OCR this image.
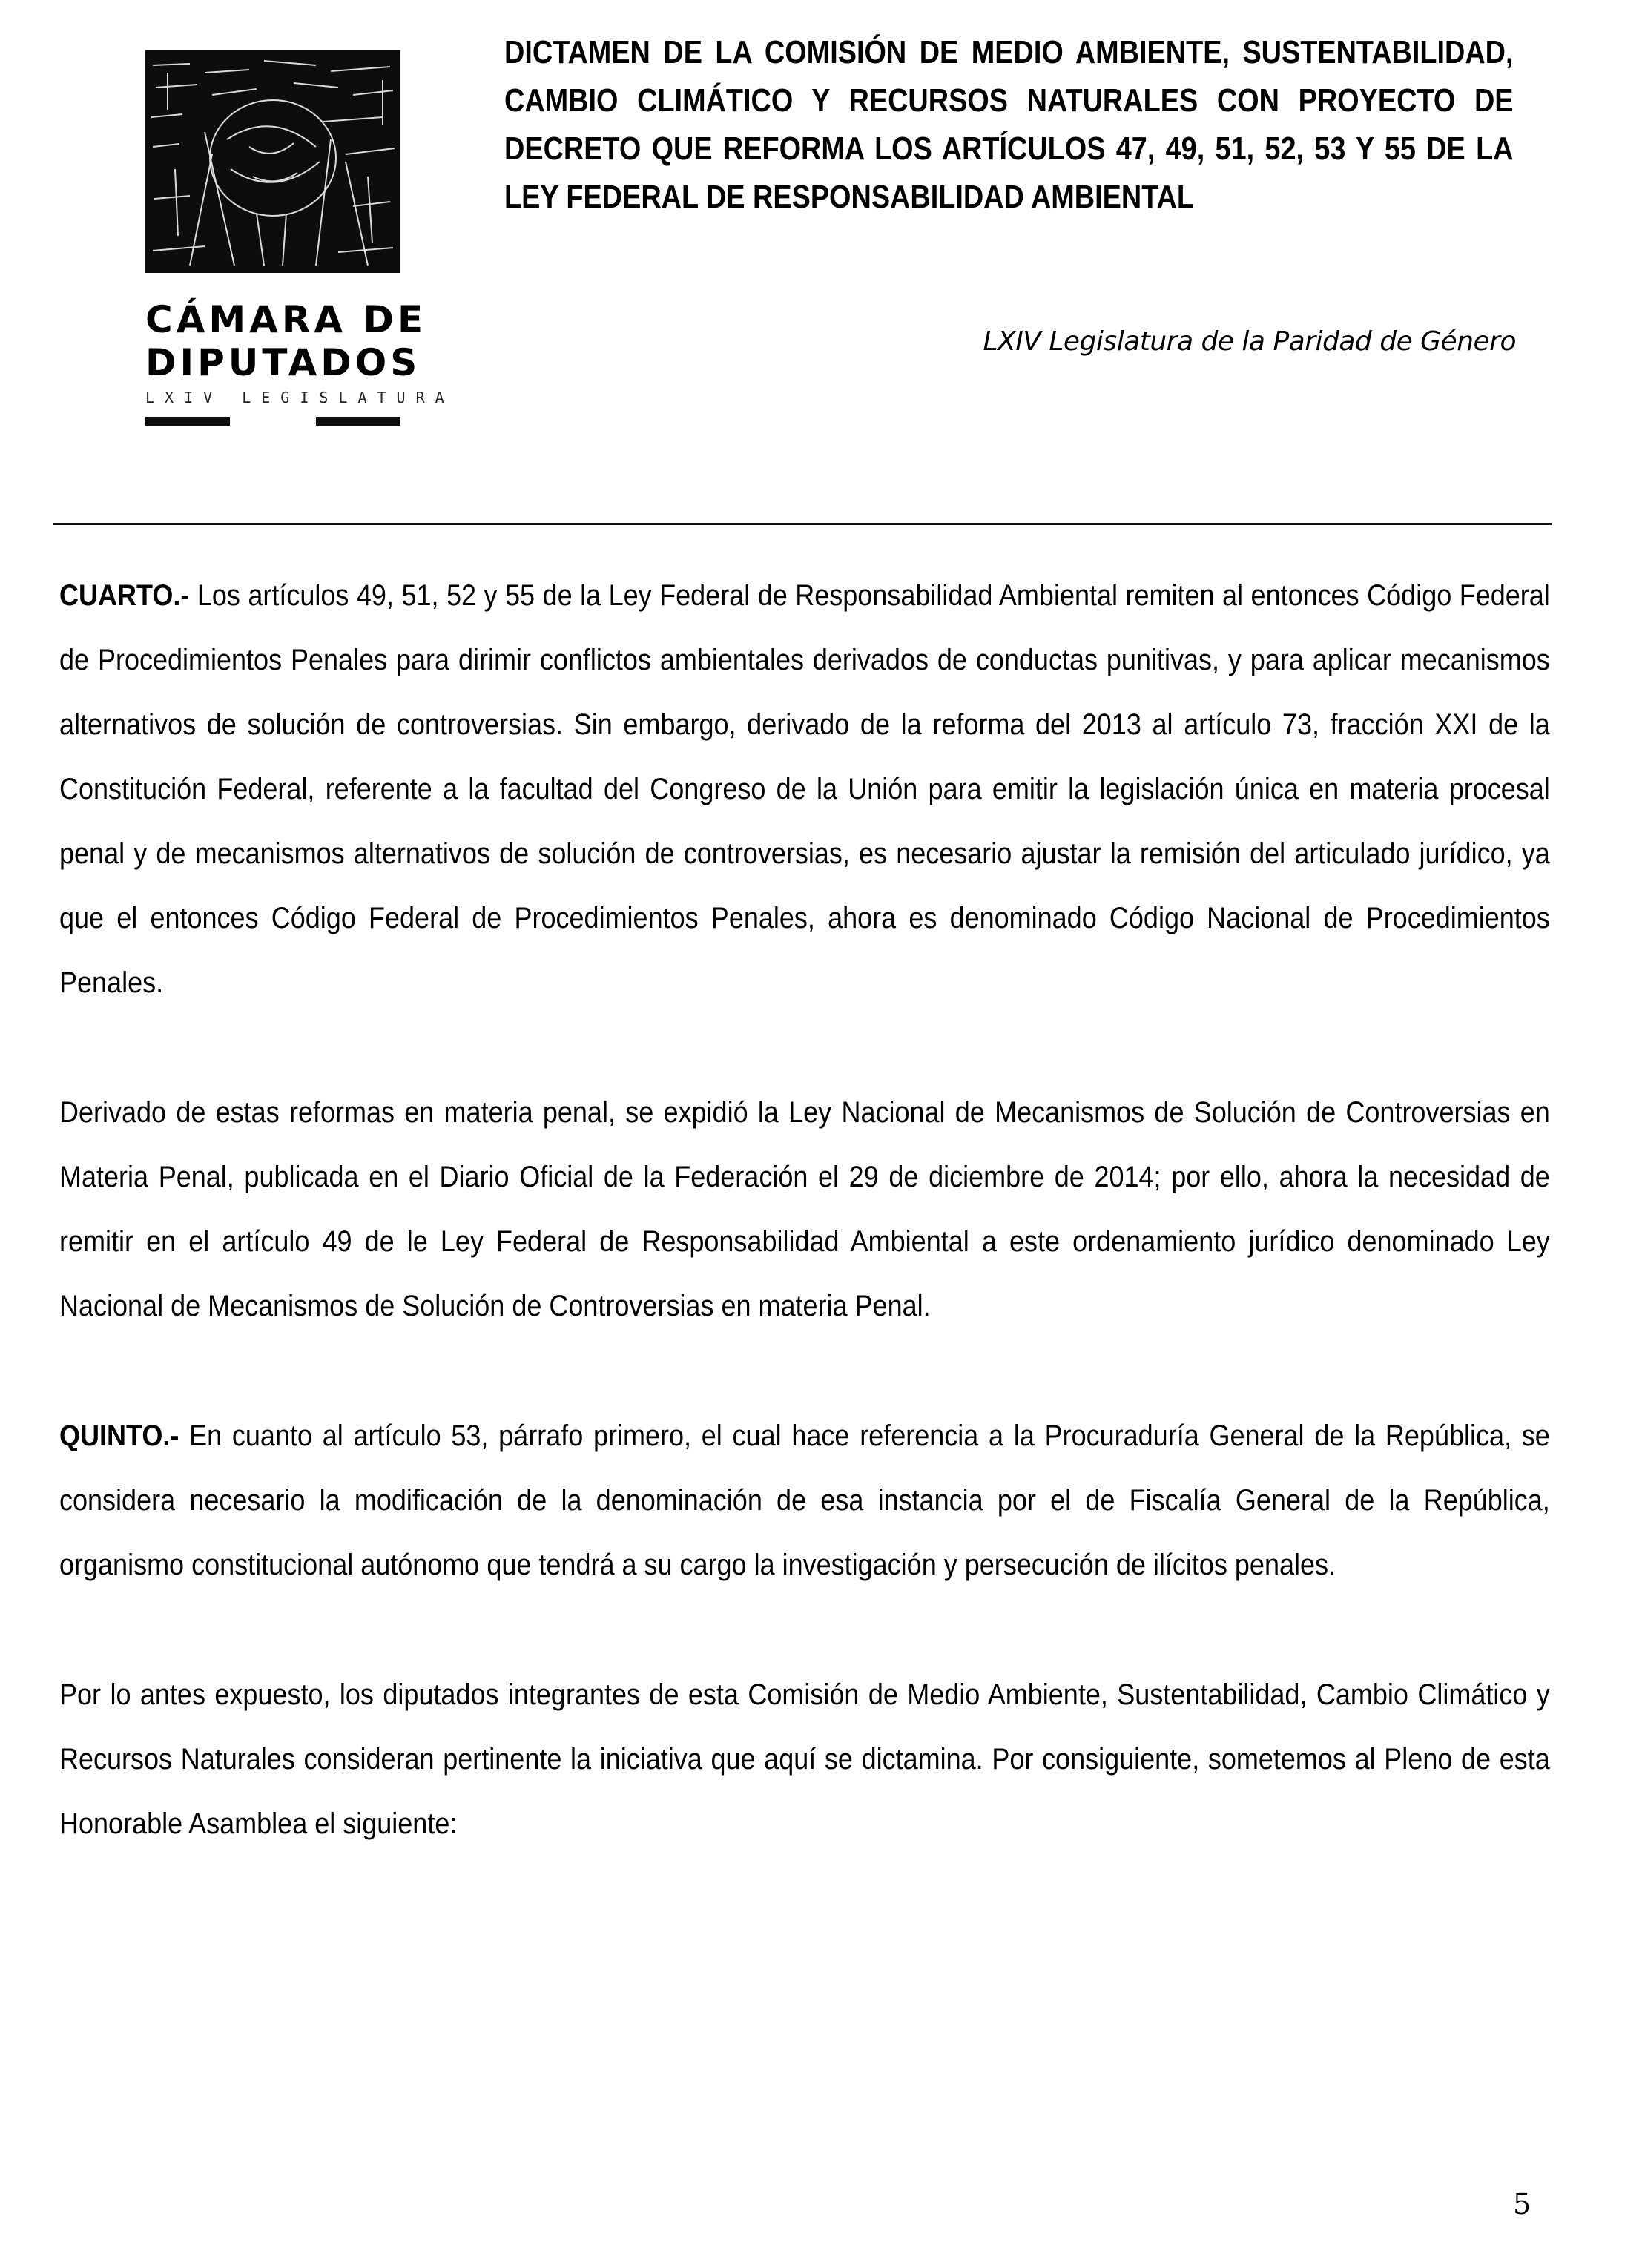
CÁMARA DE
DIPUTADOS
LXIV LEGISLATURA
DICTAMEN DE LA COMISIÓN DE MEDIO AMBIENTE, SUSTENTABILIDAD, CAMBIO CLIMÁTICO Y RECURSOS NATURALES CON PROYECTO DE DECRETO QUE REFORMA LOS ARTÍCULOS 47, 49, 51, 52, 53 Y 55 DE LA LEY FEDERAL DE RESPONSABILIDAD AMBIENTAL
LXIV Legislatura de la Paridad de Género

CUARTO.- Los artículos 49, 51, 52 y 55 de la Ley Federal de Responsabilidad Ambiental remiten al entonces Código Federal de Procedimientos Penales para dirimir conflictos ambientales derivados de conductas punitivas, y para aplicar mecanismos alternativos de solución de controversias. Sin embargo, derivado de la reforma del 2013 al artículo 73, fracción XXI de la Constitución Federal, referente a la facultad del Congreso de la Unión para emitir la legislación única en materia procesal penal y de mecanismos alternativos de solución de controversias, es necesario ajustar la remisión del articulado jurídico, ya que el entonces Código Federal de Procedimientos Penales, ahora es denominado Código Nacional de Procedimientos Penales.

Derivado de estas reformas en materia penal, se expidió la Ley Nacional de Mecanismos de Solución de Controversias en Materia Penal, publicada en el Diario Oficial de la Federación el 29 de diciembre de 2014; por ello, ahora la necesidad de remitir en el artículo 49 de le Ley Federal de Responsabilidad Ambiental a este ordenamiento jurídico denominado Ley Nacional de Mecanismos de Solución de Controversias en materia Penal.

QUINTO.- En cuanto al artículo 53, párrafo primero, el cual hace referencia a la Procuraduría General de la República, se considera necesario la modificación de la denominación de esa instancia por el de Fiscalía General de la República, organismo constitucional autónomo que tendrá a su cargo la investigación y persecución de ilícitos penales.

Por lo antes expuesto, los diputados integrantes de esta Comisión de Medio Ambiente, Sustentabilidad, Cambio Climático y Recursos Naturales consideran pertinente la iniciativa que aquí se dictamina. Por consiguiente, sometemos al Pleno de esta Honorable Asamblea el siguiente:

5
